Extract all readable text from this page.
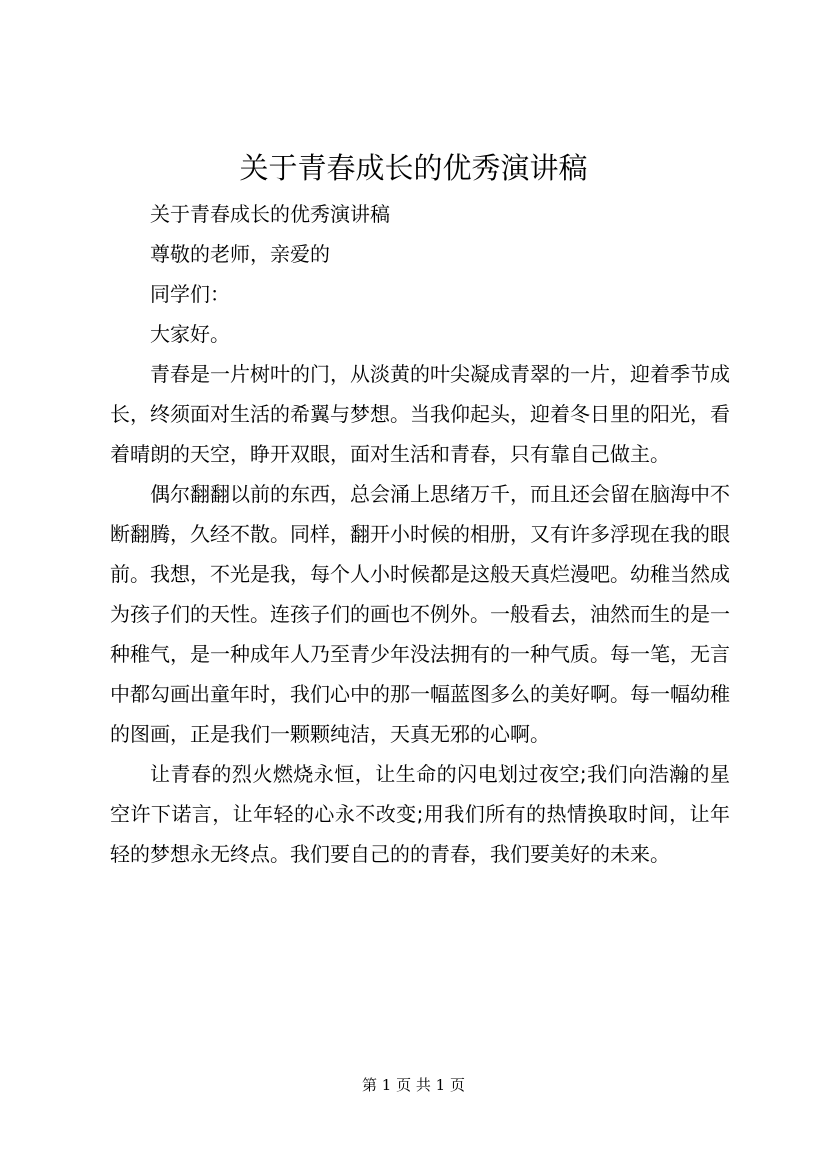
关于青春成长的优秀演讲稿

关于青春成长的优秀演讲稿

尊敬的老师，亲爱的

同学们：

大家好。

青春是一片树叶的门，从淡黄的叶尖凝成青翠的一片，迎着季节成长，终须面对生活的希翼与梦想。当我仰起头，迎着冬日里的阳光，看着晴朗的天空，睁开双眼，面对生活和青春，只有靠自己做主。

偶尔翻翻以前的东西，总会涌上思绪万千，而且还会留在脑海中不断翻腾，久经不散。同样，翻开小时候的相册，又有许多浮现在我的眼前。我想，不光是我，每个人小时候都是这般天真烂漫吧。幼稚当然成为孩子们的天性。连孩子们的画也不例外。一般看去，油然而生的是一种稚气，是一种成年人乃至青少年没法拥有的一种气质。每一笔，无言中都勾画出童年时，我们心中的那一幅蓝图多么的美好啊。每一幅幼稚的图画，正是我们一颗颗纯洁，天真无邪的心啊。

让青春的烈火燃烧永恒，让生命的闪电划过夜空;我们向浩瀚的星空许下诺言，让年轻的心永不改变;用我们所有的热情换取时间，让年轻的梦想永无终点。我们要自己的的青春，我们要美好的未来。

第 1 页 共 1 页
